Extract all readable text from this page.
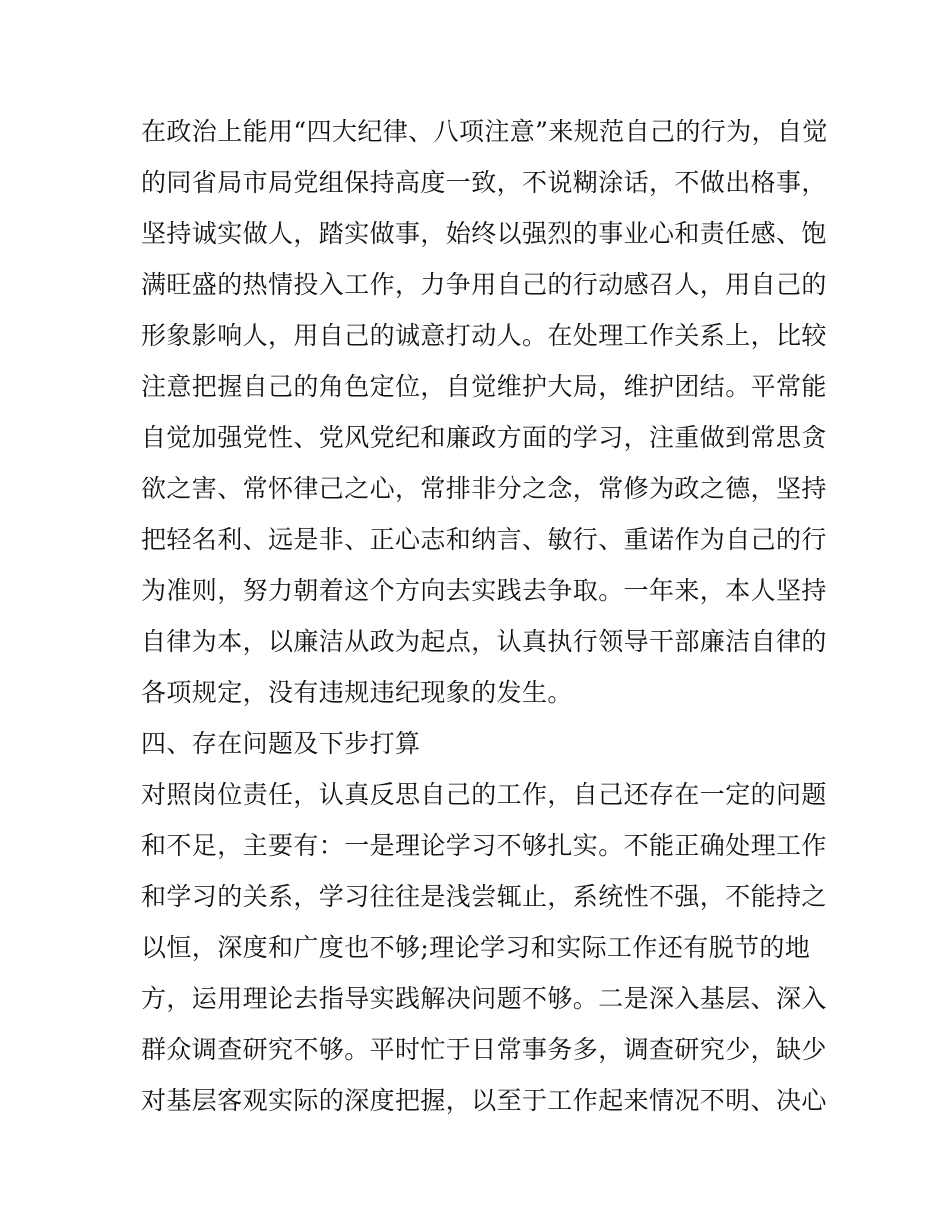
在政治上能用“四大纪律、八项注意”来规范自己的行为，自觉
的同省局市局党组保持高度一致，不说糊涂话，不做出格事，
坚持诚实做人，踏实做事，始终以强烈的事业心和责任感、饱
满旺盛的热情投入工作，力争用自己的行动感召人，用自己的
形象影响人，用自己的诚意打动人。在处理工作关系上，比较
注意把握自己的角色定位，自觉维护大局，维护团结。平常能
自觉加强党性、党风党纪和廉政方面的学习，注重做到常思贪
欲之害、常怀律己之心，常排非分之念，常修为政之德，坚持
把轻名利、远是非、正心志和纳言、敏行、重诺作为自己的行
为准则，努力朝着这个方向去实践去争取。一年来，本人坚持
自律为本，以廉洁从政为起点，认真执行领导干部廉洁自律的
各项规定，没有违规违纪现象的发生。
四、存在问题及下步打算
对照岗位责任，认真反思自己的工作，自己还存在一定的问题
和不足，主要有：一是理论学习不够扎实。不能正确处理工作
和学习的关系，学习往往是浅尝辄止，系统性不强，不能持之
以恒，深度和广度也不够;理论学习和实际工作还有脱节的地
方，运用理论去指导实践解决问题不够。二是深入基层、深入
群众调查研究不够。平时忙于日常事务多，调查研究少，缺少
对基层客观实际的深度把握，以至于工作起来情况不明、决心
